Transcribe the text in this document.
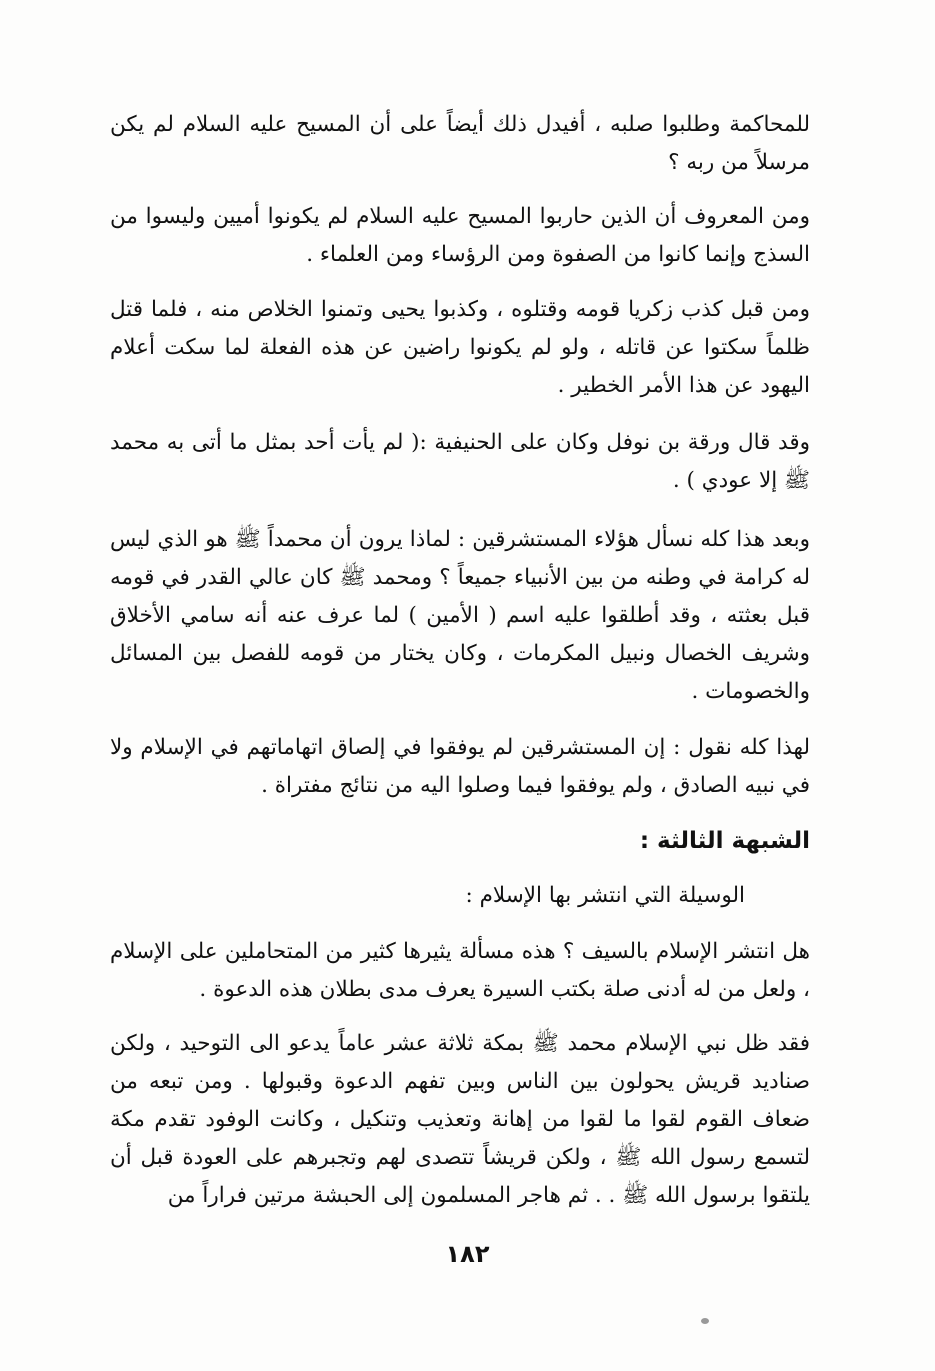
للمحاكمة وطلبوا صلبه ، أفيدل ذلك أيضاً على أن المسيح عليه السلام لم يكن مرسلاً من ربه ؟
ومن المعروف أن الذين حاربوا المسيح عليه السلام لم يكونوا أميين وليسوا من السذج وإنما كانوا من الصفوة ومن الرؤساء ومن العلماء .
ومن قبل كذب زكريا قومه وقتلوه ، وكذبوا يحيى وتمنوا الخلاص منه ، فلما قتل ظلماً سكتوا عن قاتله ، ولو لم يكونوا راضين عن هذه الفعلة لما سكت أعلام اليهود عن هذا الأمر الخطير .
وقد قال ورقة بن نوفل وكان على الحنيفية :( لم يأت أحد بمثل ما أتى به محمد ﷺ إلا عودي ) .
وبعد هذا كله نسأل هؤلاء المستشرقين : لماذا يرون أن محمداً ﷺ هو الذي ليس له كرامة في وطنه من بين الأنبياء جميعاً ؟ ومحمد ﷺ كان عالي القدر في قومه قبل بعثته ، وقد أطلقوا عليه اسم ( الأمين ) لما عرف عنه أنه سامي الأخلاق وشريف الخصال ونبيل المكرمات ، وكان يختار من قومه للفصل بين المسائل والخصومات .
لهذا كله نقول : إن المستشرقين لم يوفقوا في إلصاق اتهاماتهم في الإسلام ولا في نبيه الصادق ، ولم يوفقوا فيما وصلوا اليه من نتائج مفتراة .
الشبهة الثالثة :
الوسيلة التي انتشر بها الإسلام :
هل انتشر الإسلام بالسيف ؟ هذه مسألة يثيرها كثير من المتحاملين على الإسلام ، ولعل من له أدنى صلة بكتب السيرة يعرف مدى بطلان هذه الدعوة .
فقد ظل نبي الإسلام محمد ﷺ بمكة ثلاثة عشر عاماً يدعو الى التوحيد ، ولكن صناديد قريش يحولون بين الناس وبين تفهم الدعوة وقبولها . ومن تبعه من ضعاف القوم لقوا ما لقوا من إهانة وتعذيب وتنكيل ، وكانت الوفود تقدم مكة لتسمع رسول الله ﷺ ، ولكن قريشاً تتصدى لهم وتجبرهم على العودة قبل أن يلتقوا برسول الله ﷺ . . ثم هاجر المسلمون إلى الحبشة مرتين فراراً من
١٨٢
